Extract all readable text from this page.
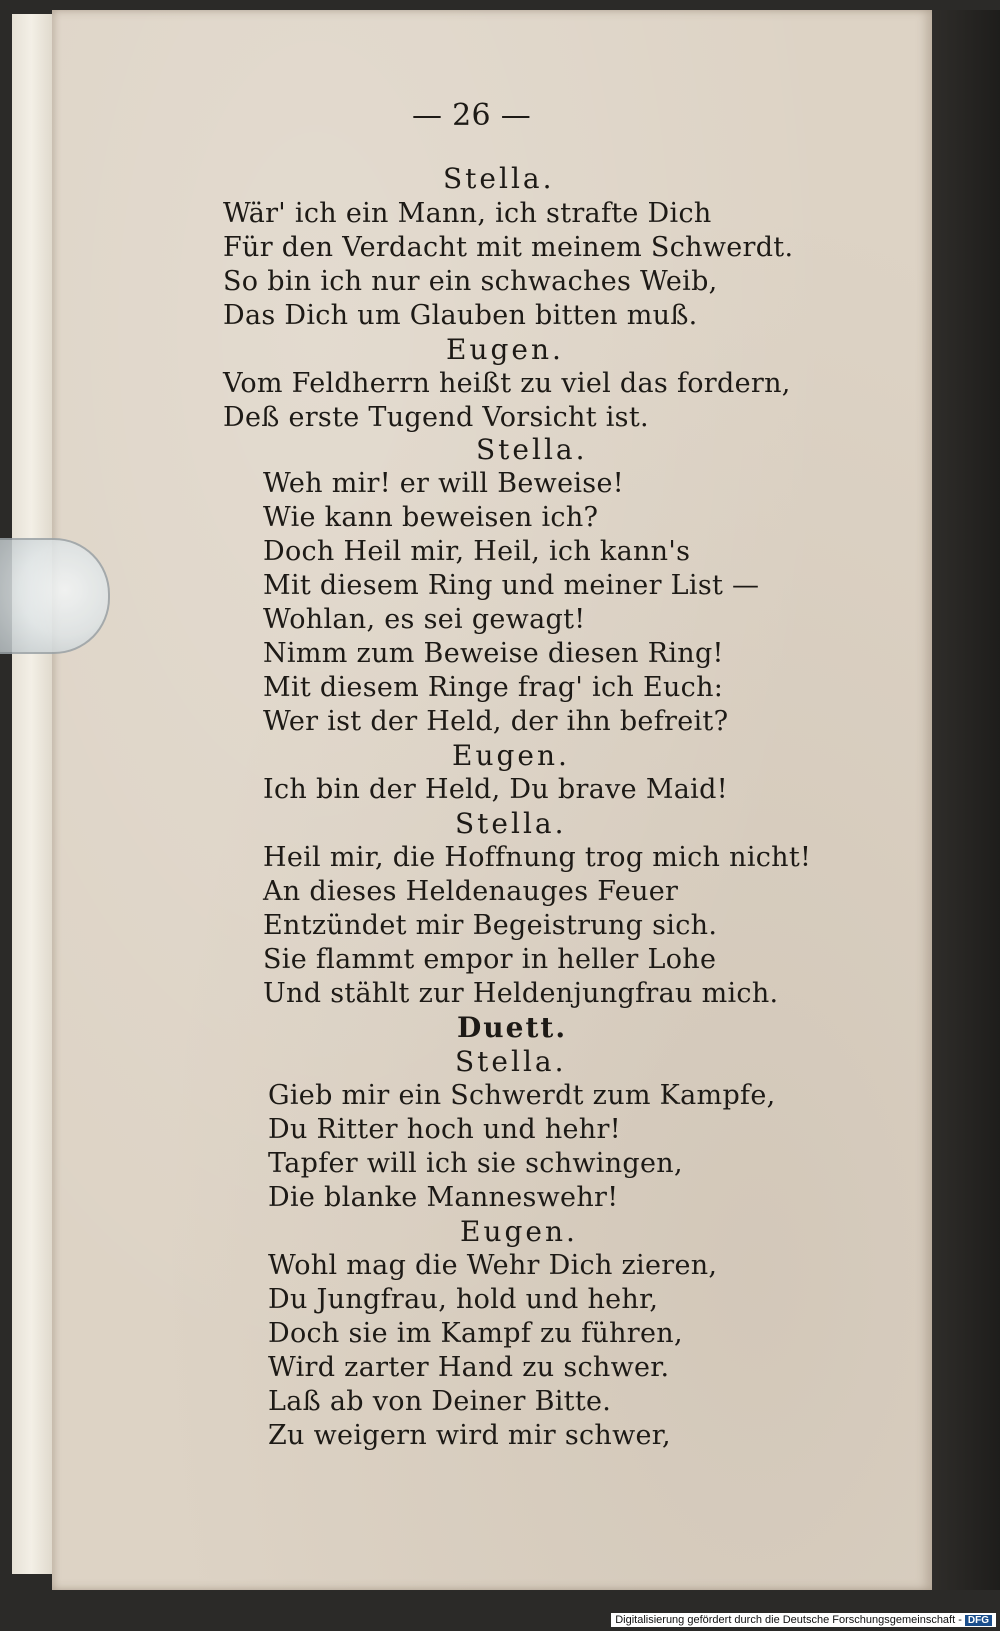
— 26 —
Stella.
Wär' ich ein Mann, ich strafte Dich
Für den Verdacht mit meinem Schwerdt.
So bin ich nur ein schwaches Weib,
Das Dich um Glauben bitten muß.
Eugen.
Vom Feldherrn heißt zu viel das fordern,
Deß erste Tugend Vorsicht ist.
Stella.
Weh mir! er will Beweise!
Wie kann beweisen ich?
Doch Heil mir, Heil, ich kann's
Mit diesem Ring und meiner List —
Wohlan, es sei gewagt!
Nimm zum Beweise diesen Ring!
Mit diesem Ringe frag' ich Euch:
Wer ist der Held, der ihn befreit?
Eugen.
Ich bin der Held, Du brave Maid!
Stella.
Heil mir, die Hoffnung trog mich nicht!
An dieses Heldenauges Feuer
Entzündet mir Begeistrung sich.
Sie flammt empor in heller Lohe
Und stählt zur Heldenjungfrau mich.
Duett.
Stella.
Gieb mir ein Schwerdt zum Kampfe,
Du Ritter hoch und hehr!
Tapfer will ich sie schwingen,
Die blanke Manneswehr!
Eugen.
Wohl mag die Wehr Dich zieren,
Du Jungfrau, hold und hehr,
Doch sie im Kampf zu führen,
Wird zarter Hand zu schwer.
Laß ab von Deiner Bitte.
Zu weigern wird mir schwer,
Digitalisierung gefördert durch die Deutsche Forschungsgemeinschaft - DFG
